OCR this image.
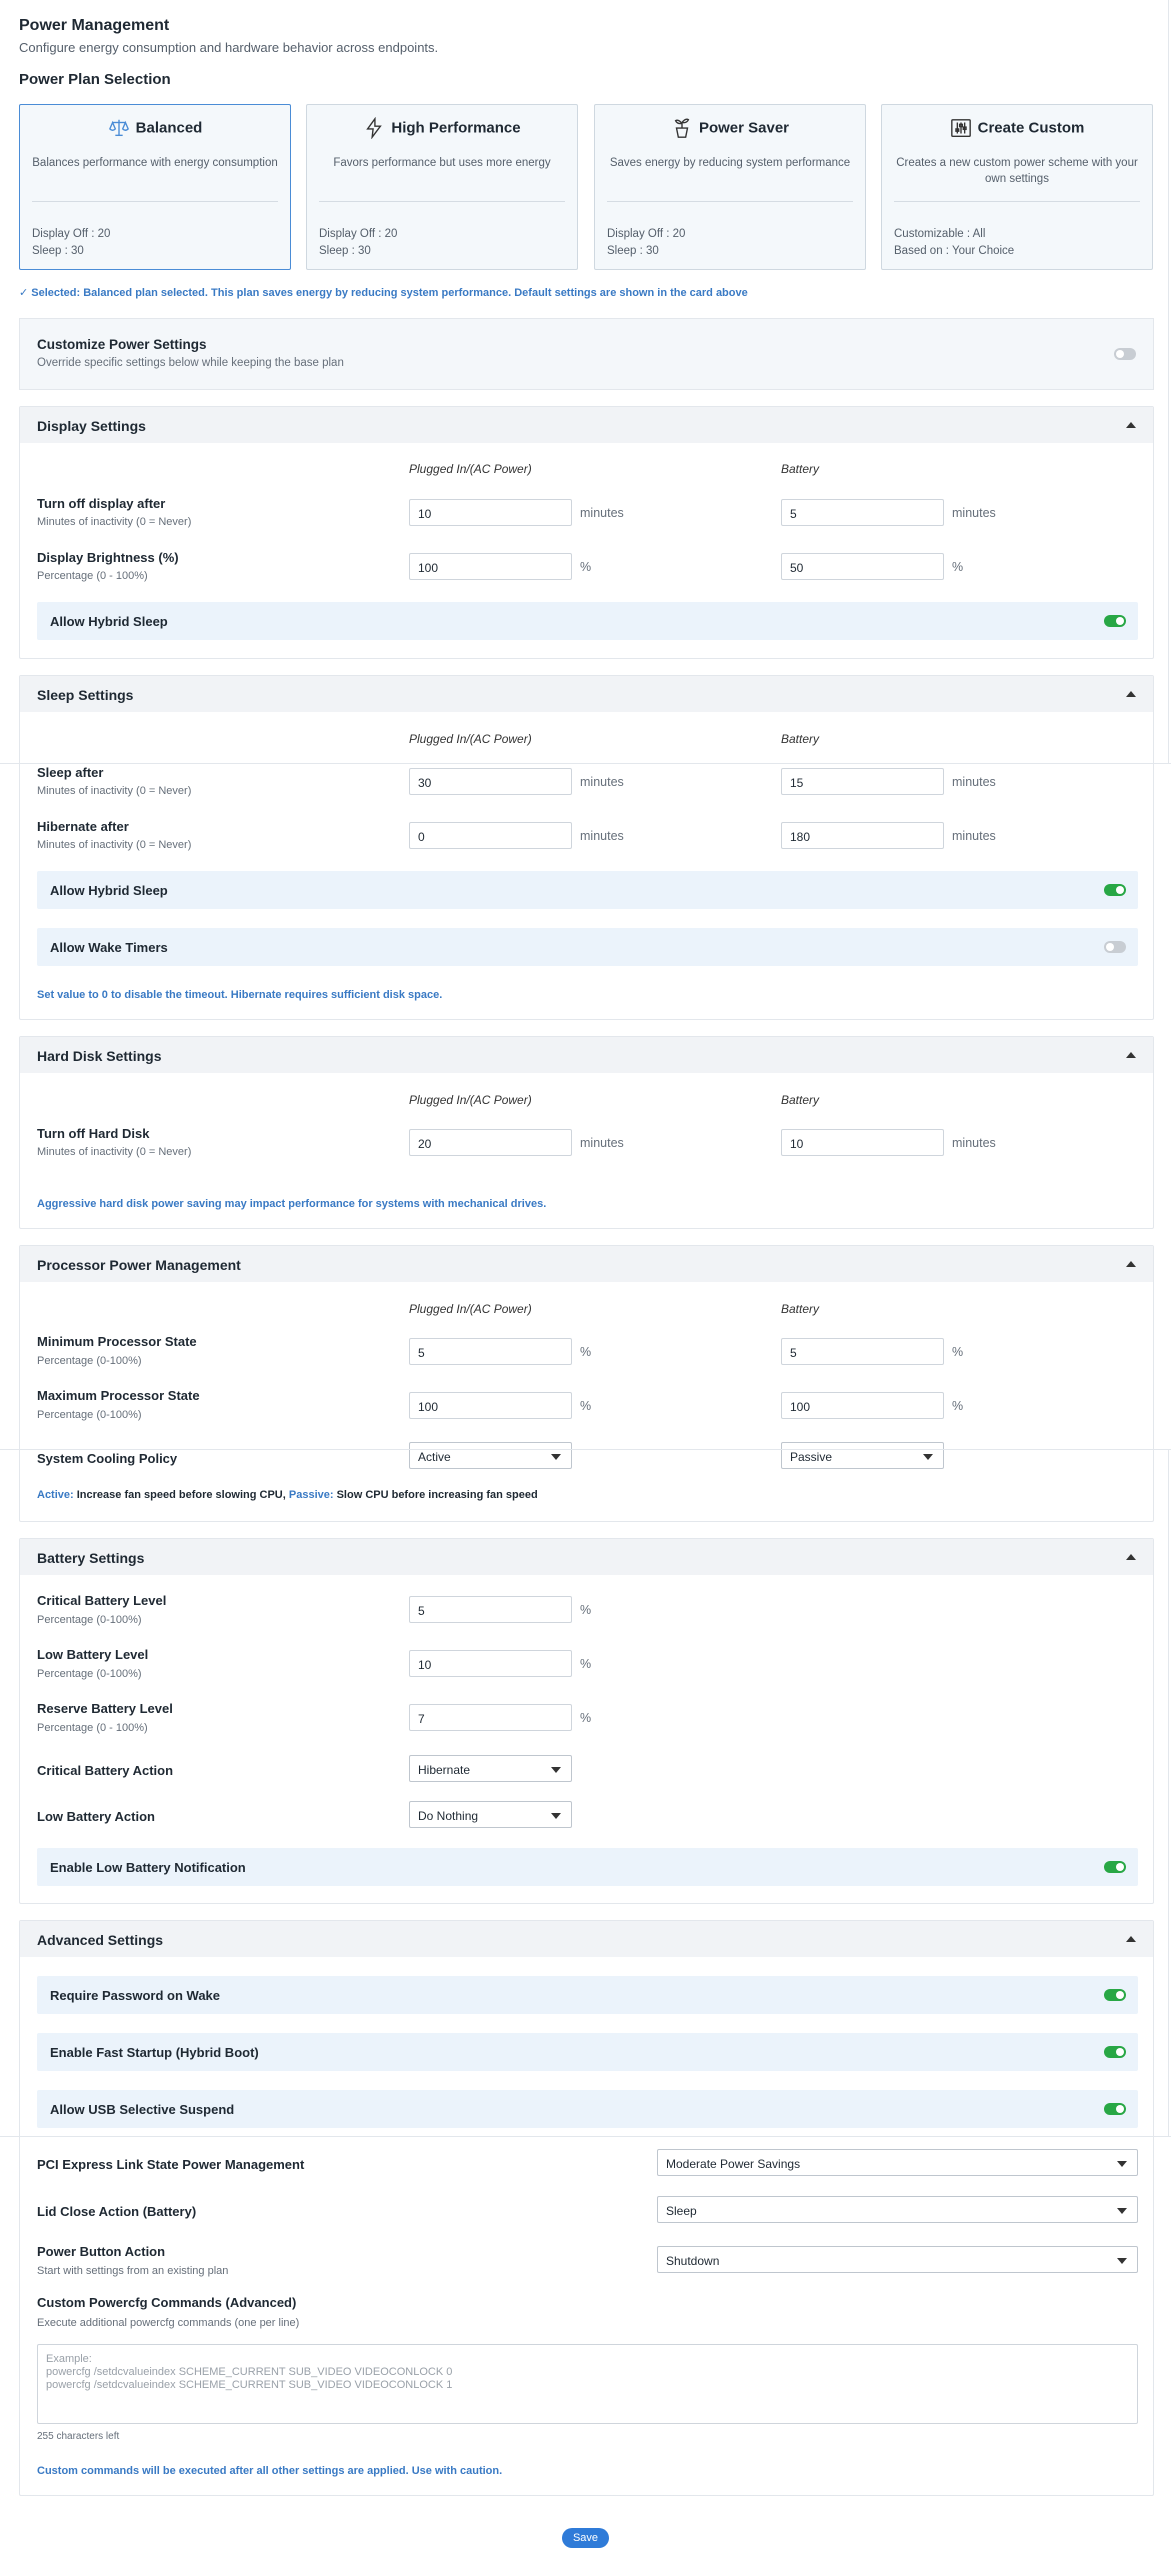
Power Management
Configure energy consumption and hardware behavior across endpoints.
Power Plan Selection
Balanced
Balances performance with energy consumption
Display Off : 20
Sleep : 30
High Performance
Favors performance but uses more energy
Display Off : 20
Sleep : 30
Power Saver
Saves energy by reducing system performance
Display Off : 20
Sleep : 30
Create Custom
Creates a new custom power scheme with your own settings
Customizable : All
Based on : Your Choice
✓ Selected: Balanced plan selected. This plan saves energy by reducing system performance. Default settings are shown in the card above
Customize Power Settings
Override specific settings below while keeping the base plan
Display Settings
Plugged In/(AC Power)	Battery
Turn off display after
Minutes of inactivity (0 = Never)
10	minutes	5	minutes
Display Brightness (%)
Percentage (0 - 100%)
100	%	50	%
Allow Hybrid Sleep
Sleep Settings
Plugged In/(AC Power)	Battery
Sleep after
Minutes of inactivity (0 = Never)
30	minutes	15	minutes
Hibernate after
Minutes of inactivity (0 = Never)
0	minutes	180	minutes
Allow Hybrid Sleep
Allow Wake Timers
Set value to 0 to disable the timeout. Hibernate requires sufficient disk space.
Hard Disk Settings
Plugged In/(AC Power)	Battery
Turn off Hard Disk
Minutes of inactivity (0 = Never)
20	minutes	10	minutes
Aggressive hard disk power saving may impact performance for systems with mechanical drives.
Processor Power Management
Plugged In/(AC Power)	Battery
Minimum Processor State
Percentage (0-100%)
5	%	5	%
Maximum Processor State
Percentage (0-100%)
100	%	100	%
System Cooling Policy	Active	Passive
Active: Increase fan speed before slowing CPU, Passive: Slow CPU before increasing fan speed
Battery Settings
Critical Battery Level
Percentage (0-100%)
5	%
Low Battery Level
Percentage (0-100%)
10	%
Reserve Battery Level
Percentage (0 - 100%)
7	%
Critical Battery Action	Hibernate
Low Battery Action	Do Nothing
Enable Low Battery Notification
Advanced Settings
Require Password on Wake
Enable Fast Startup (Hybrid Boot)
Allow USB Selective Suspend
PCI Express Link State Power Management	Moderate Power Savings
Lid Close Action (Battery)	Sleep
Power Button Action
Start with settings from an existing plan
Shutdown
Custom Powercfg Commands (Advanced)
Execute additional powercfg commands (one per line)
Example:
powercfg /setdcvalueindex SCHEME_CURRENT SUB_VIDEO VIDEOCONLOCK 0
powercfg /setdcvalueindex SCHEME_CURRENT SUB_VIDEO VIDEOCONLOCK 1
255 characters left
Custom commands will be executed after all other settings are applied. Use with caution.
Save
